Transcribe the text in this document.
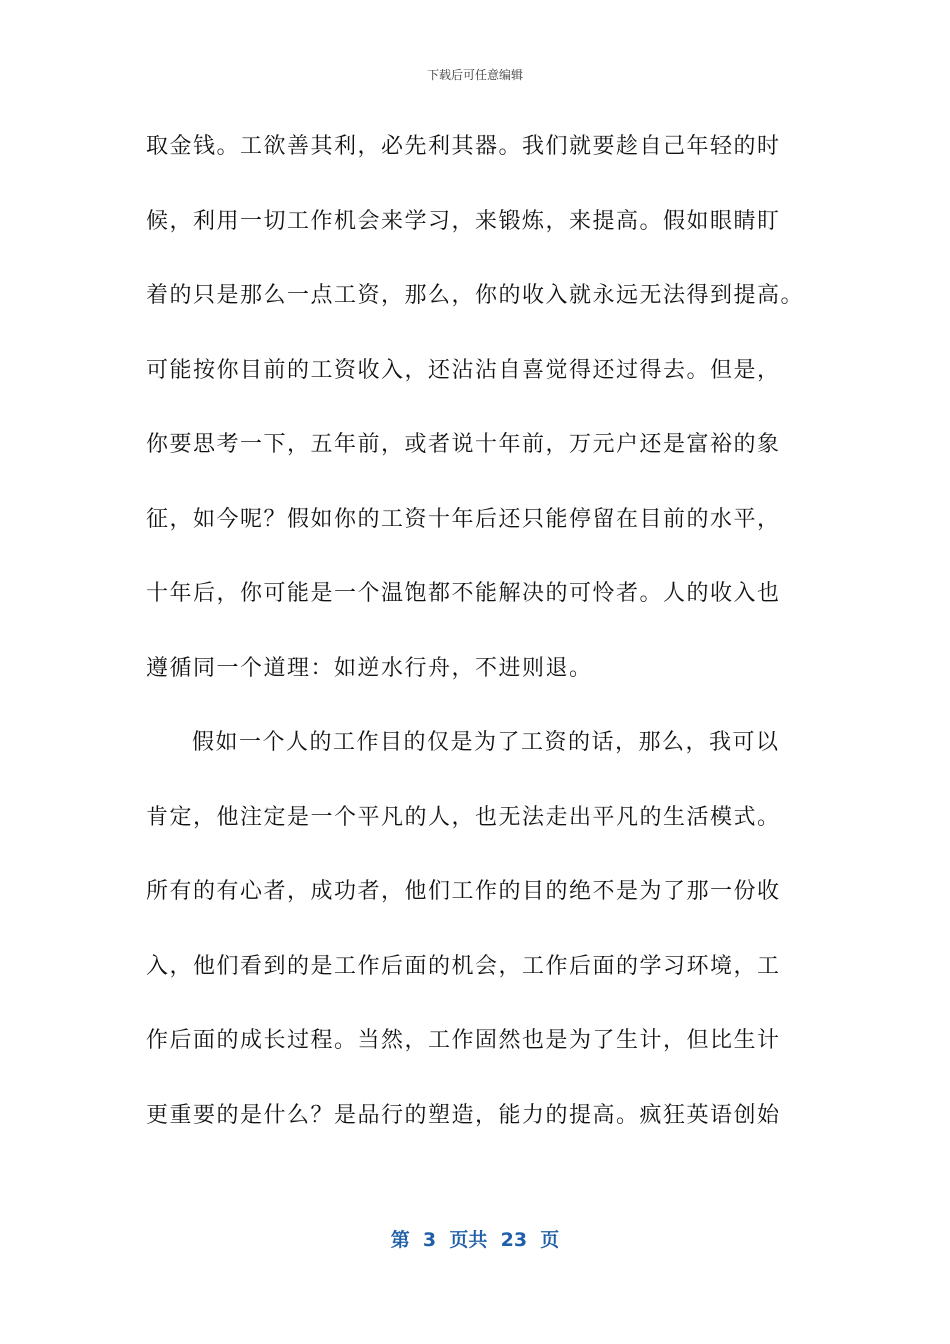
下载后可任意编辑
取金钱。工欲善其利，必先利其器。我们就要趁自己年轻的时
候，利用一切工作机会来学习，来锻炼，来提高。假如眼睛盯
着的只是那么一点工资，那么，你的收入就永远无法得到提高。
可能按你目前的工资收入，还沾沾自喜觉得还过得去。但是，
你要思考一下，五年前，或者说十年前，万元户还是富裕的象
征，如今呢？假如你的工资十年后还只能停留在目前的水平，
十年后，你可能是一个温饱都不能解决的可怜者。人的收入也
遵循同一个道理：如逆水行舟，不进则退。
假如一个人的工作目的仅是为了工资的话，那么，我可以
肯定，他注定是一个平凡的人，也无法走出平凡的生活模式。
所有的有心者，成功者，他们工作的目的绝不是为了那一份收
入，他们看到的是工作后面的机会，工作后面的学习环境，工
作后面的成长过程。当然，工作固然也是为了生计，但比生计
更重要的是什么？是品行的塑造，能力的提高。疯狂英语创始
第  3  页共  23  页
